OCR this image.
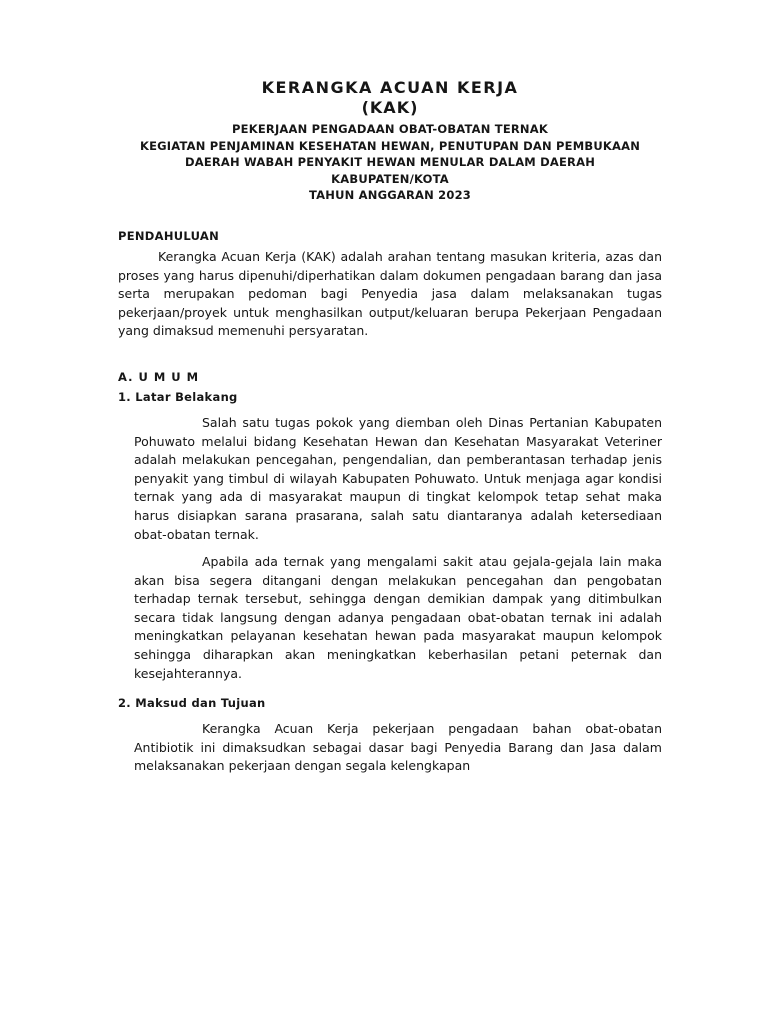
KERANGKA ACUAN KERJA
(KAK)
PEKERJAAN PENGADAAN OBAT-OBATAN TERNAK
KEGIATAN PENJAMINAN KESEHATAN HEWAN, PENUTUPAN DAN PEMBUKAAN
DAERAH WABAH PENYAKIT HEWAN MENULAR DALAM DAERAH
KABUPATEN/KOTA
TAHUN ANGGARAN 2023
PENDAHULUAN

Kerangka Acuan Kerja (KAK) adalah arahan tentang masukan kriteria, azas dan proses yang harus dipenuhi/diperhatikan dalam dokumen pengadaan barang dan jasa serta merupakan pedoman bagi Penyedia jasa dalam melaksanakan tugas pekerjaan/proyek untuk menghasilkan output/keluaran berupa Pekerjaan Pengadaan yang dimaksud memenuhi persyaratan.

A. U M U M
1. Latar Belakang

Salah satu tugas pokok yang diemban oleh Dinas Pertanian Kabupaten Pohuwato melalui bidang Kesehatan Hewan dan Kesehatan Masyarakat Veteriner adalah melakukan pencegahan, pengendalian, dan pemberantasan terhadap jenis penyakit yang timbul di wilayah Kabupaten Pohuwato. Untuk menjaga agar kondisi ternak yang ada di masyarakat maupun di tingkat kelompok tetap sehat maka harus disiapkan sarana prasarana, salah satu diantaranya adalah ketersediaan obat-obatan ternak.

Apabila ada ternak yang mengalami sakit atau gejala-gejala lain maka akan bisa segera ditangani dengan melakukan pencegahan dan pengobatan terhadap ternak tersebut, sehingga dengan demikian dampak yang ditimbulkan secara tidak langsung dengan adanya pengadaan obat-obatan ternak ini adalah meningkatkan pelayanan kesehatan hewan pada masyarakat maupun kelompok sehingga diharapkan akan meningkatkan keberhasilan petani peternak dan kesejahterannya.

2. Maksud dan Tujuan

Kerangka Acuan Kerja pekerjaan pengadaan bahan obat-obatan Antibiotik ini dimaksudkan sebagai dasar bagi Penyedia Barang dan Jasa dalam melaksanakan pekerjaan dengan segala kelengkapan
